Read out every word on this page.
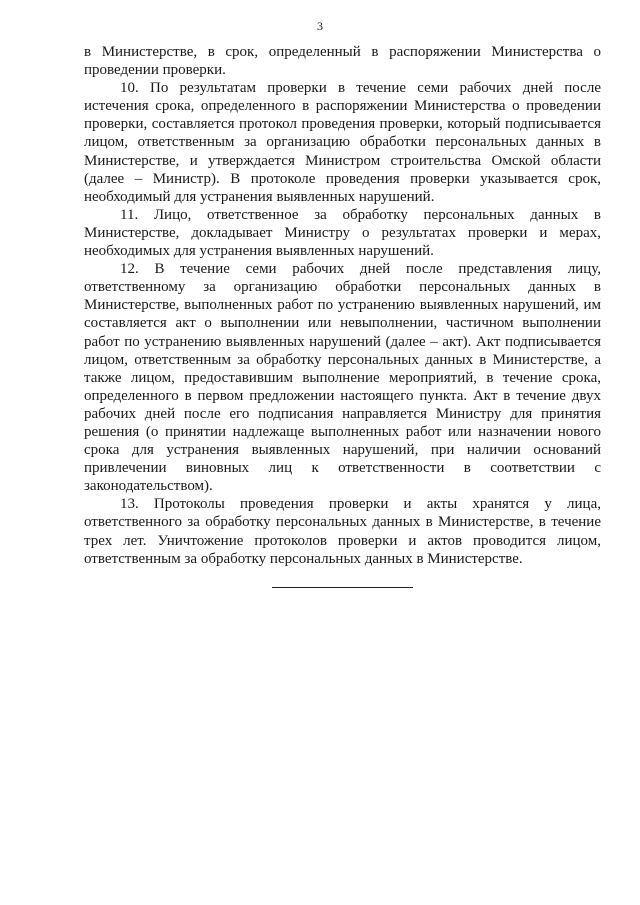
3

в Министерстве, в срок, определенный в распоряжении Министерства о проведении проверки.

10. По результатам проверки в течение семи рабочих дней после истечения срока, определенного в распоряжении Министерства о проведении проверки, составляется протокол проведения проверки, который подписывается лицом, ответственным за организацию обработки персональных данных в Министерстве, и утверждается Министром строительства Омской области (далее – Министр). В протоколе проведения проверки указывается срок, необходимый для устранения выявленных нарушений.

11. Лицо, ответственное за обработку персональных данных в Министерстве, докладывает Министру о результатах проверки и мерах, необходимых для устранения выявленных нарушений.

12. В течение семи рабочих дней после представления лицу, ответственному за организацию обработки персональных данных в Министерстве, выполненных работ по устранению выявленных нарушений, им составляется акт о выполнении или невыполнении, частичном выполнении работ по устранению выявленных нарушений (далее – акт). Акт подписывается лицом, ответственным за обработку персональных данных в Министерстве, а также лицом, предоставившим выполнение мероприятий, в течение срока, определенного в первом предложении настоящего пункта. Акт в течение двух рабочих дней после его подписания направляется Министру для принятия решения (о принятии надлежаще выполненных работ или назначении нового срока для устранения выявленных нарушений, при наличии оснований привлечении виновных лиц к ответственности в соответствии с законодательством).

13. Протоколы проведения проверки и акты хранятся у лица, ответственного за обработку персональных данных в Министерстве, в течение трех лет. Уничтожение протоколов проверки и актов проводится лицом, ответственным за обработку персональных данных в Министерстве.
